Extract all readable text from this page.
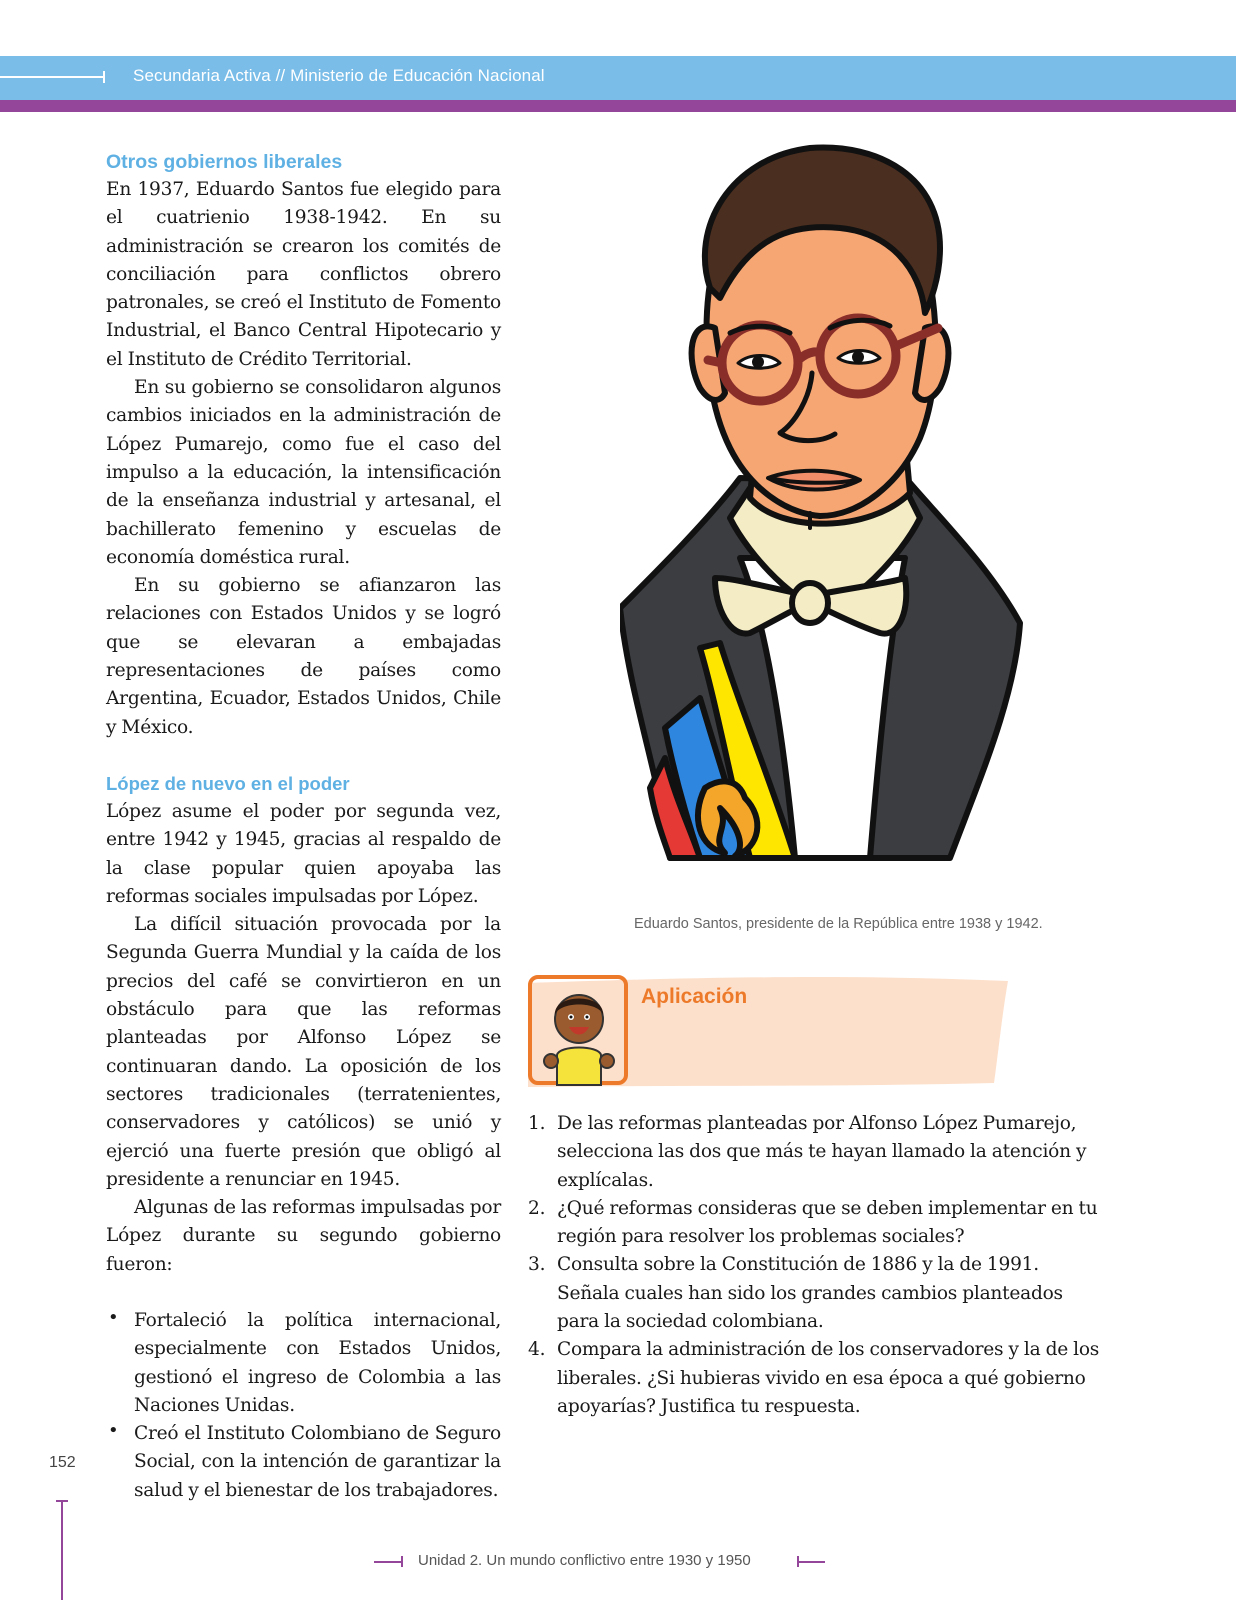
Secundaria Activa // Ministerio de Educación Nacional
Otros gobiernos liberales

En 1937, Eduardo Santos fue elegido para el cuatrienio 1938-1942. En su administración se crearon los comités de conciliación para conflictos obrero patronales, se creó el Instituto de Fomento Industrial, el Banco Central Hipotecario y el Instituto de Crédito Territorial.

En su gobierno se consolidaron algunos cambios iniciados en la administración de López Pumarejo, como fue el caso del impulso a la educación, la intensificación de la enseñanza industrial y artesanal, el bachillerato femenino y escuelas de economía doméstica rural.

En su gobierno se afianzaron las relaciones con Estados Unidos y se logró que se elevaran a embajadas representaciones de países como Argentina, Ecuador, Estados Unidos, Chile y México.

López de nuevo en el poder

López asume el poder por segunda vez, entre 1942 y 1945, gracias al respaldo de la clase popular quien apoyaba las reformas sociales impulsadas por López.

La difícil situación provocada por la Segunda Guerra Mundial y la caída de los precios del café se convirtieron en un obstáculo para que las reformas planteadas por Alfonso López se continuaran dando. La oposición de los sectores tradicionales (terratenientes, conservadores y católicos) se unió y ejerció una fuerte presión que obligó al presidente a renunciar en 1945.

Algunas de las reformas impulsadas por López durante su segundo gobierno fueron:

• Fortaleció la política internacional, especialmente con Estados Unidos, gestionó el ingreso de Colombia a las Naciones Unidas.

• Creó el Instituto Colombiano de Seguro Social, con la intención de garantizar la salud y el bienestar de los trabajadores.

Eduardo Santos, presidente de la República entre 1938 y 1942.
Aplicación
1. De las reformas planteadas por Alfonso López Pumarejo, selecciona las dos que más te hayan llamado la atención y explícalas.

2. ¿Qué reformas consideras que se deben implementar en tu región para resolver los problemas sociales?

3. Consulta sobre la Constitución de 1886 y la de 1991. Señala cuales han sido los grandes cambios planteados para la sociedad colombiana.

4. Compara la administración de los conservadores y la de los liberales. ¿Si hubieras vivido en esa época a qué gobierno apoyarías? Justifica tu respuesta.

152
Unidad 2. Un mundo conflictivo entre 1930 y 1950
